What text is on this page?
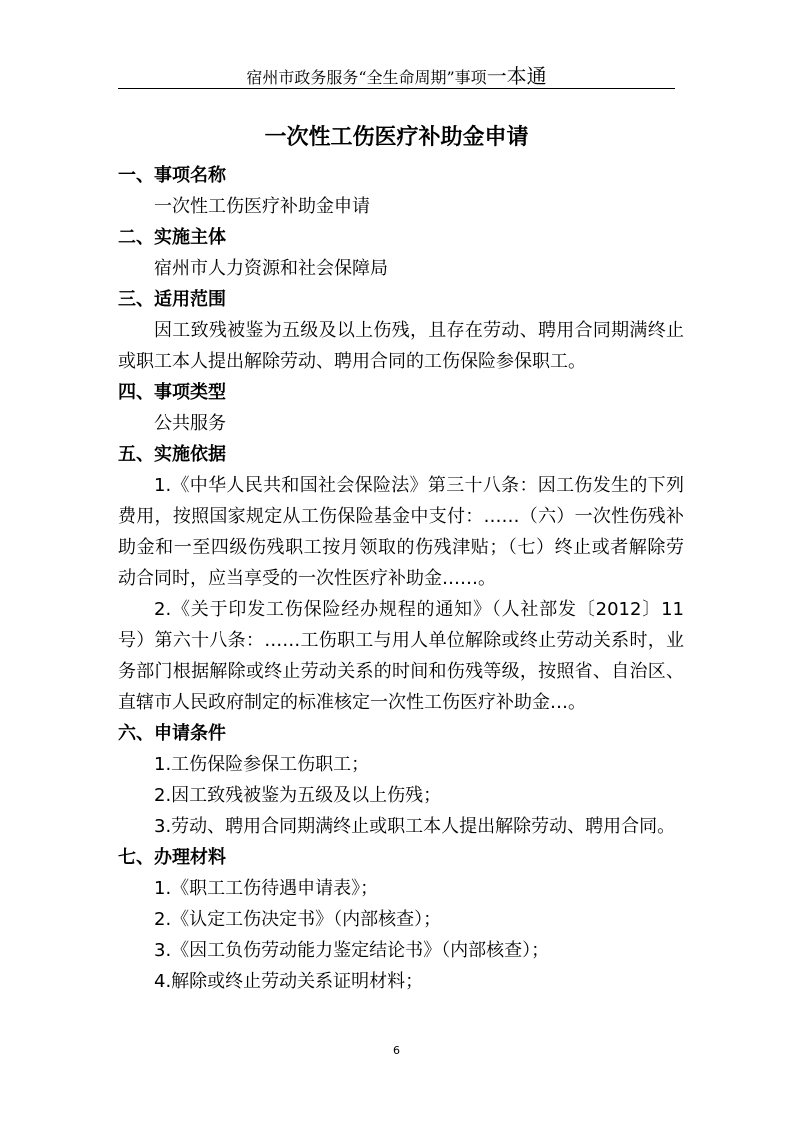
宿州市政务服务“全生命周期”事项一本通
一次性工伤医疗补助金申请
一、事项名称
一次性工伤医疗补助金申请
二、实施主体
宿州市人力资源和社会保障局
三、适用范围
因工致残被鉴为五级及以上伤残，且存在劳动、聘用合同期满终止或职工本人提出解除劳动、聘用合同的工伤保险参保职工。
四、事项类型
公共服务
五、实施依据
1.《中华人民共和国社会保险法》第三十八条：因工伤发生的下列费用，按照国家规定从工伤保险基金中支付：……（六）一次性伤残补助金和一至四级伤残职工按月领取的伤残津贴；（七）终止或者解除劳动合同时，应当享受的一次性医疗补助金……。
2.《关于印发工伤保险经办规程的通知》（人社部发〔2012〕11号）第六十八条：……工伤职工与用人单位解除或终止劳动关系时，业务部门根据解除或终止劳动关系的时间和伤残等级，按照省、自治区、直辖市人民政府制定的标准核定一次性工伤医疗补助金…。
六、申请条件
1.工伤保险参保工伤职工；
2.因工致残被鉴为五级及以上伤残；
3.劳动、聘用合同期满终止或职工本人提出解除劳动、聘用合同。
七、办理材料
1.《职工工伤待遇申请表》；
2.《认定工伤决定书》（内部核查）；
3.《因工负伤劳动能力鉴定结论书》（内部核查）；
4.解除或终止劳动关系证明材料；
6
